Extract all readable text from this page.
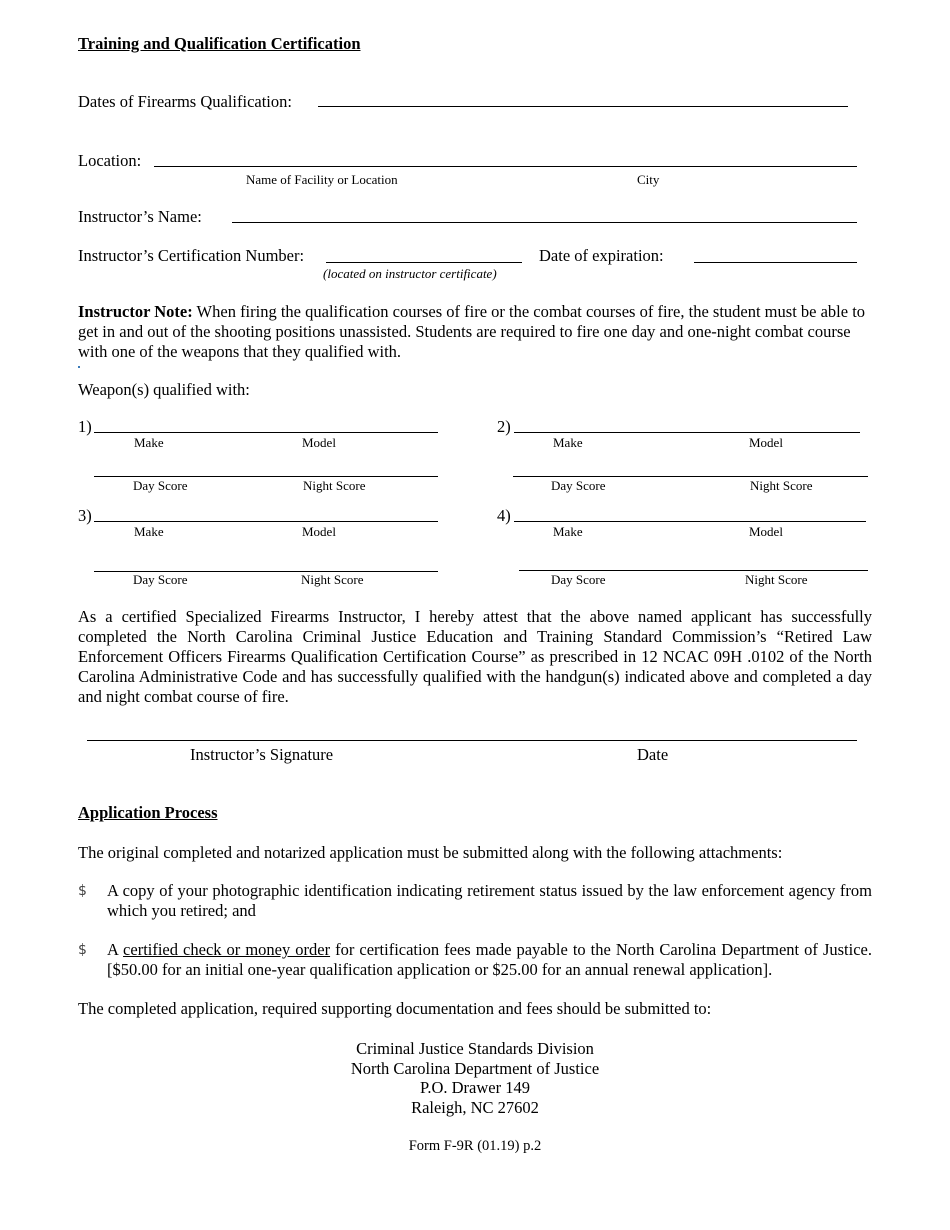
Training and Qualification Certification
Dates of Firearms Qualification:
Location:
Name of Facility or Location	City
Instructor’s Name:
Instructor’s Certification Number:
(located on instructor certificate)
Date of expiration:
Instructor Note: When firing the qualification courses of fire or the combat courses of fire, the student must be able to get in and out of the shooting positions unassisted. Students are required to fire one day and one-night combat course with one of the weapons that they qualified with.
Weapon(s) qualified with:
1)
Make	Model
Day Score	Night Score
2)
Make	Model
Day Score	Night Score
3)
Make	Model
Day Score	Night Score
4)
Make	Model
Day Score	Night Score
As a certified Specialized Firearms Instructor, I hereby attest that the above named applicant has successfully completed the North Carolina Criminal Justice Education and Training Standard Commission’s “Retired Law Enforcement Officers Firearms Qualification Certification Course” as prescribed in 12 NCAC 09H .0102 of the North Carolina Administrative Code and has successfully qualified with the handgun(s) indicated above and completed a day and night combat course of fire.
Instructor’s Signature	Date
Application Process
The original completed and notarized application must be submitted along with the following attachments:
$ A copy of your photographic identification indicating retirement status issued by the law enforcement agency from which you retired; and
$ A certified check or money order for certification fees made payable to the North Carolina Department of Justice. [$50.00 for an initial one-year qualification application or $25.00 for an annual renewal application].
The completed application, required supporting documentation and fees should be submitted to:
Criminal Justice Standards Division
North Carolina Department of Justice
P.O. Drawer 149
Raleigh, NC 27602
Form F-9R (01.19) p.2
